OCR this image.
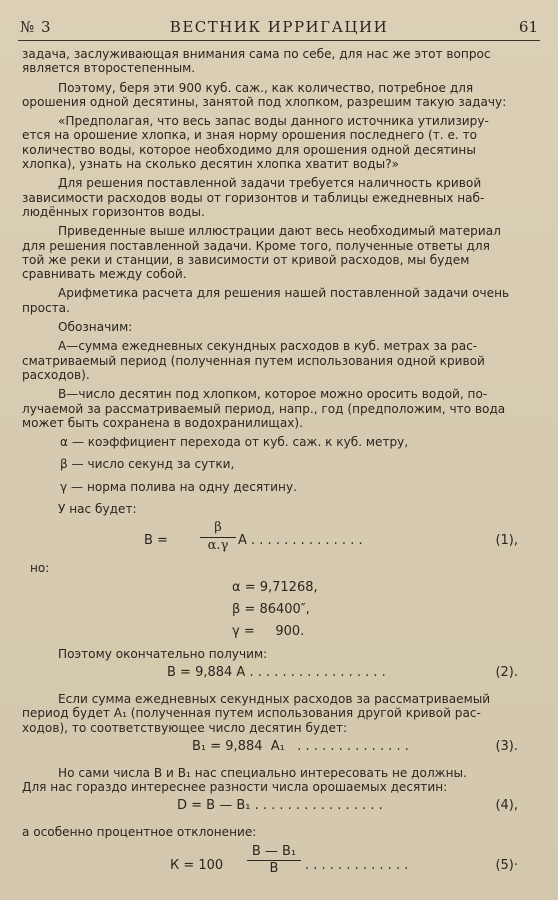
№ 3	ВЕСТНИК ИРРИГАЦИИ	61

задача, заслуживающая внимания сама по себе, для нас же этот вопрос
является второстепенным.

Поэтому, беря эти 900 куб. саж., как количество, потребное для
орошения одной десятины, занятой под хлопком, разрешим такую задачу:

«Предполагая, что весь запас воды данного источника утилизиру-
ется на орошение хлопка, и зная норму орошения последнего (т. е. то
количество воды, которое необходимо для орошения одной десятины
хлопка), узнать на сколько десятин хлопка хватит воды?»

Для решения поставленной задачи требуется наличность кривой
зависимости расходов воды от горизонтов и таблицы ежедневных наб-
людённых горизонтов воды.

Приведенные выше иллюстрации дают весь необходимый материал
для решения поставленной задачи. Кроме того, полученные ответы для
той же реки и станции, в зависимости от кривой расходов, мы будем
сравнивать между собой.

Арифметика расчета для решения нашей поставленной задачи очень
проста.

Обозначим:

А—сумма ежедневных секундных расходов в куб. метрах за рас-
сматриваемый период (полученная путем использования одной кривой
расходов).

В—число десятин под хлопком, которое можно оросить водой, по-
лучаемой за рассматриваемый период, напр., год (предположим, что вода
может быть сохранена в водохранилищах).

α — коэффициент перехода от куб. саж. к куб. метру,

β — число секунд за сутки,

γ — норма полива на одну десятину.

У нас будет:

В =
β
α.γ А . . . . . . . . . . . . . .	(1),

но:

α = 9,71268,
β = 86400″,
γ =     900.

Поэтому окончательно получим:

В = 9,884 А . . . . . . . . . . . . . . . . .	(2).

Если сумма ежедневных секундных расходов за рассматриваемый
период будет А₁ (полученная путем использования другой кривой рас-
ходов), то соответствующее число десятин будет:

В₁ = 9,884  А₁   . . . . . . . . . . . . . .	(3).

Но сами числа В и В₁ нас специально интересовать не должны.
Для нас гораздо интереснее разности числа орошаемых десятин:

D = В — В₁ . . . . . . . . . . . . . . . .	(4),

а особенно процентное отклонение:

К = 100
В — В₁
В	. . . . . . . . . . . . .	(5)·
